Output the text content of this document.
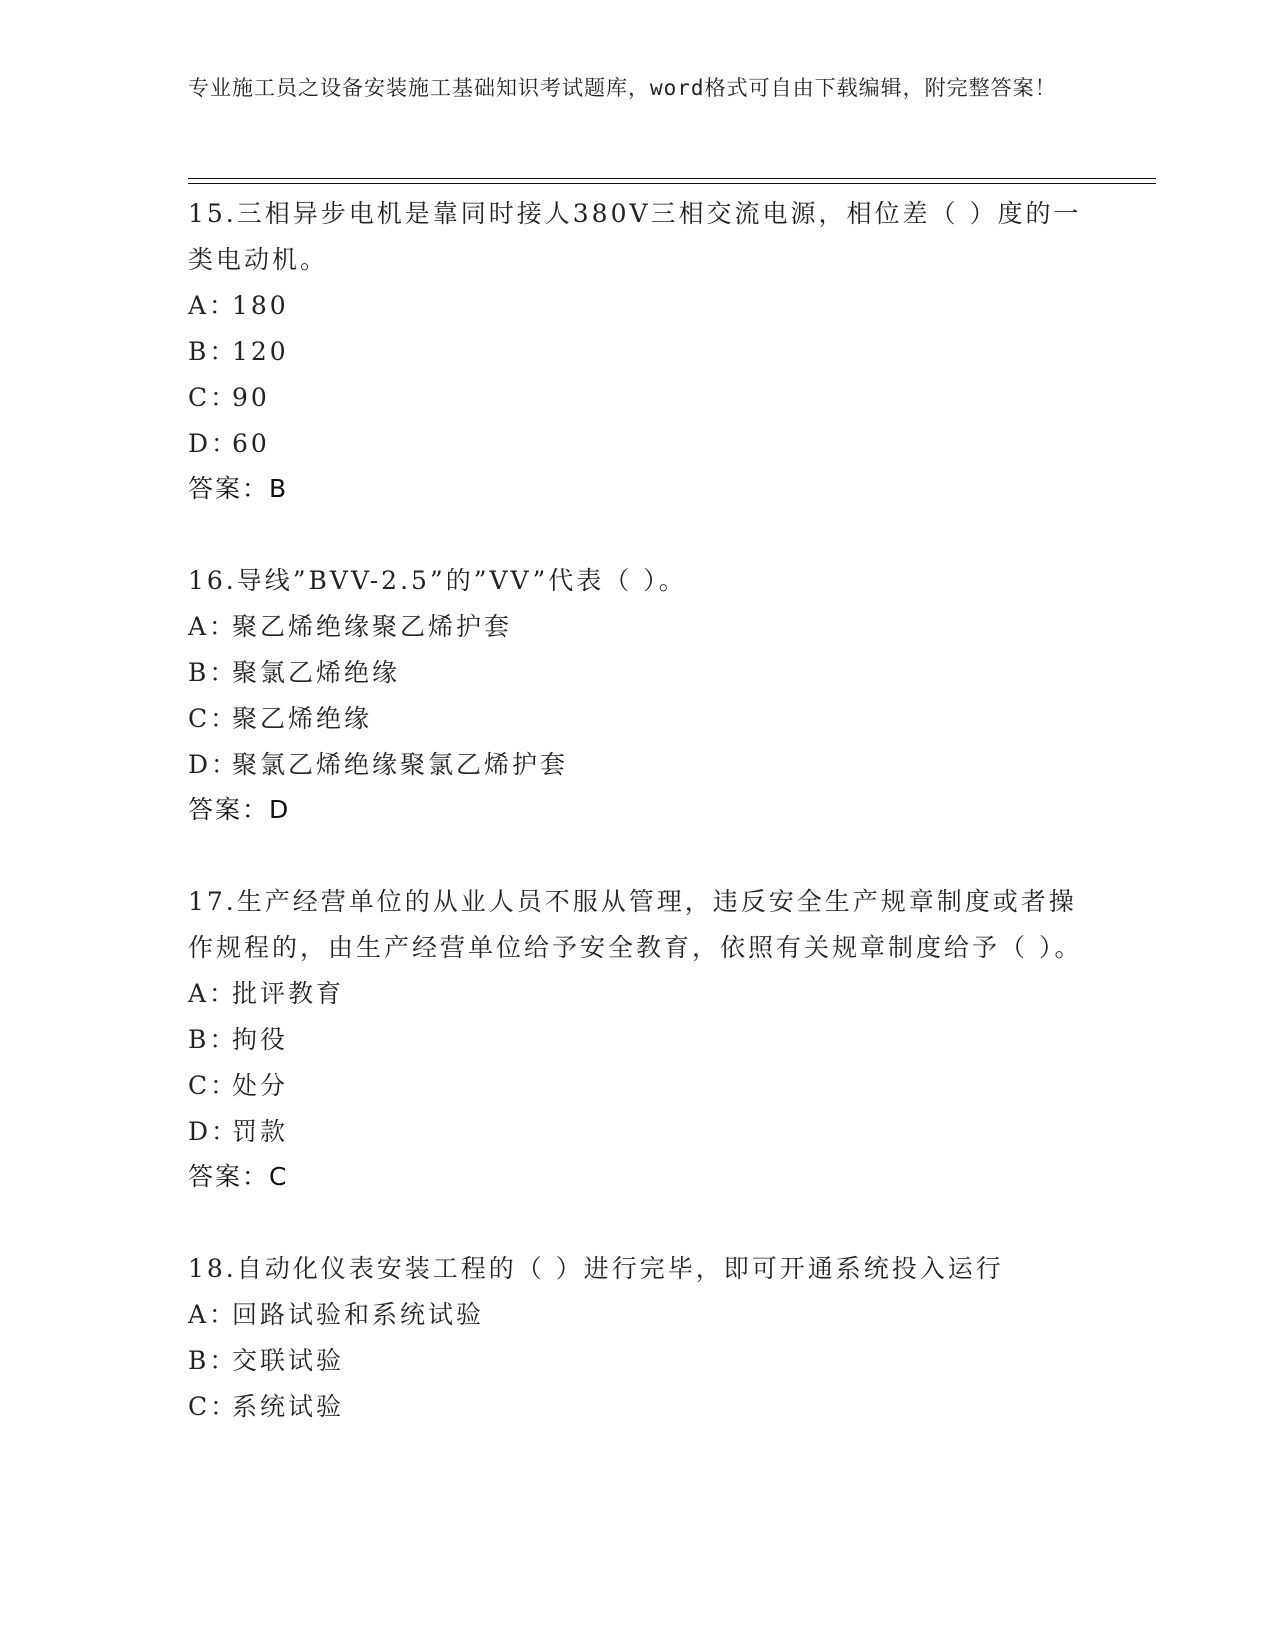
专业施工员之设备安装施工基础知识考试题库，word格式可自由下载编辑，附完整答案！
15.三相异步电机是靠同时接人380V三相交流电源，相位差（ ）度的一类电动机。
A：180
B：120
C：90
D：60
答案：B
16.导线”BVV-2.5”的”VV”代表（ ）。
A：聚乙烯绝缘聚乙烯护套
B：聚氯乙烯绝缘
C：聚乙烯绝缘
D：聚氯乙烯绝缘聚氯乙烯护套
答案：D
17.生产经营单位的从业人员不服从管理，违反安全生产规章制度或者操作规程的，由生产经营单位给予安全教育，依照有关规章制度给予（ ）。
A：批评教育
B：拘役
C：处分
D：罚款
答案：C
18.自动化仪表安装工程的（ ）进行完毕，即可开通系统投入运行
A：回路试验和系统试验
B：交联试验
C：系统试验
